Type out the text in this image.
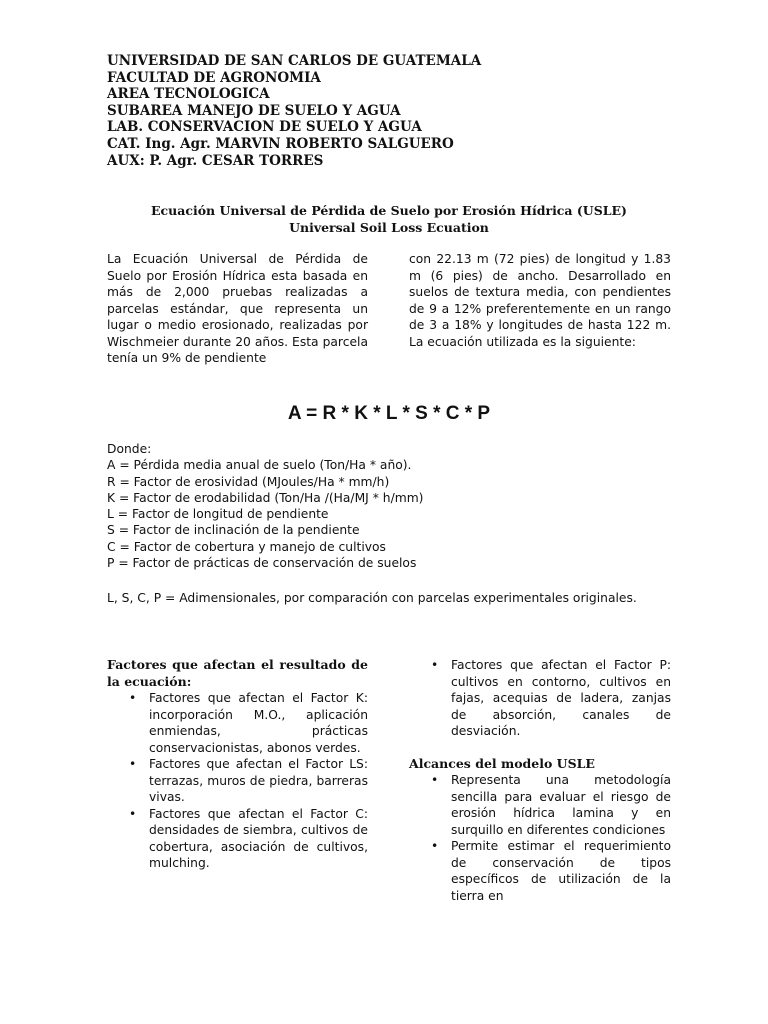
UNIVERSIDAD DE SAN CARLOS DE GUATEMALA
FACULTAD DE AGRONOMIA
AREA TECNOLOGICA
SUBAREA MANEJO DE SUELO Y AGUA
LAB. CONSERVACION DE SUELO Y AGUA
CAT. Ing. Agr. MARVIN ROBERTO SALGUERO
AUX: P. Agr. CESAR TORRES
Ecuación Universal de Pérdida de Suelo por Erosión Hídrica (USLE)
Universal Soil Loss Ecuation
La Ecuación Universal de Pérdida de Suelo por Erosión Hídrica esta basada en más de 2,000 pruebas realizadas a parcelas estándar, que representa un lugar o medio erosionado, realizadas por Wischmeier durante 20 años. Esta parcela tenía un 9% de pendiente
con 22.13 m (72 pies) de longitud y 1.83 m (6 pies) de ancho. Desarrollado en suelos de textura media, con pendientes de 9 a 12% preferentemente en un rango de 3 a 18% y longitudes de hasta 122 m. La ecuación utilizada es la siguiente:
A = R * K * L * S * C * P
Donde:
A = Pérdida media anual de suelo (Ton/Ha * año).
R = Factor de erosividad (MJoules/Ha * mm/h)
K = Factor de erodabilidad (Ton/Ha /(Ha/MJ * h/mm)
L = Factor de longitud de pendiente
S = Factor de inclinación de la pendiente
C = Factor de cobertura y manejo de cultivos
P = Factor de prácticas de conservación de suelos
L, S, C, P = Adimensionales, por comparación con parcelas experimentales originales.
Factores que afectan el resultado de la ecuación:
• Factores que afectan el Factor K: incorporación M.O., aplicación enmiendas, prácticas conservacionistas, abonos verdes.
• Factores que afectan el Factor LS: terrazas, muros de piedra, barreras vivas.
• Factores que afectan el Factor C: densidades de siembra, cultivos de cobertura, asociación de cultivos, mulching.
• Factores que afectan el Factor P: cultivos en contorno, cultivos en fajas, acequias de ladera, zanjas de absorción, canales de desviación.
Alcances del modelo USLE
• Representa una metodología sencilla para evaluar el riesgo de erosión hídrica lamina y en surquillo en diferentes condiciones
• Permite estimar el requerimiento de conservación de tipos específicos de utilización de la tierra en
